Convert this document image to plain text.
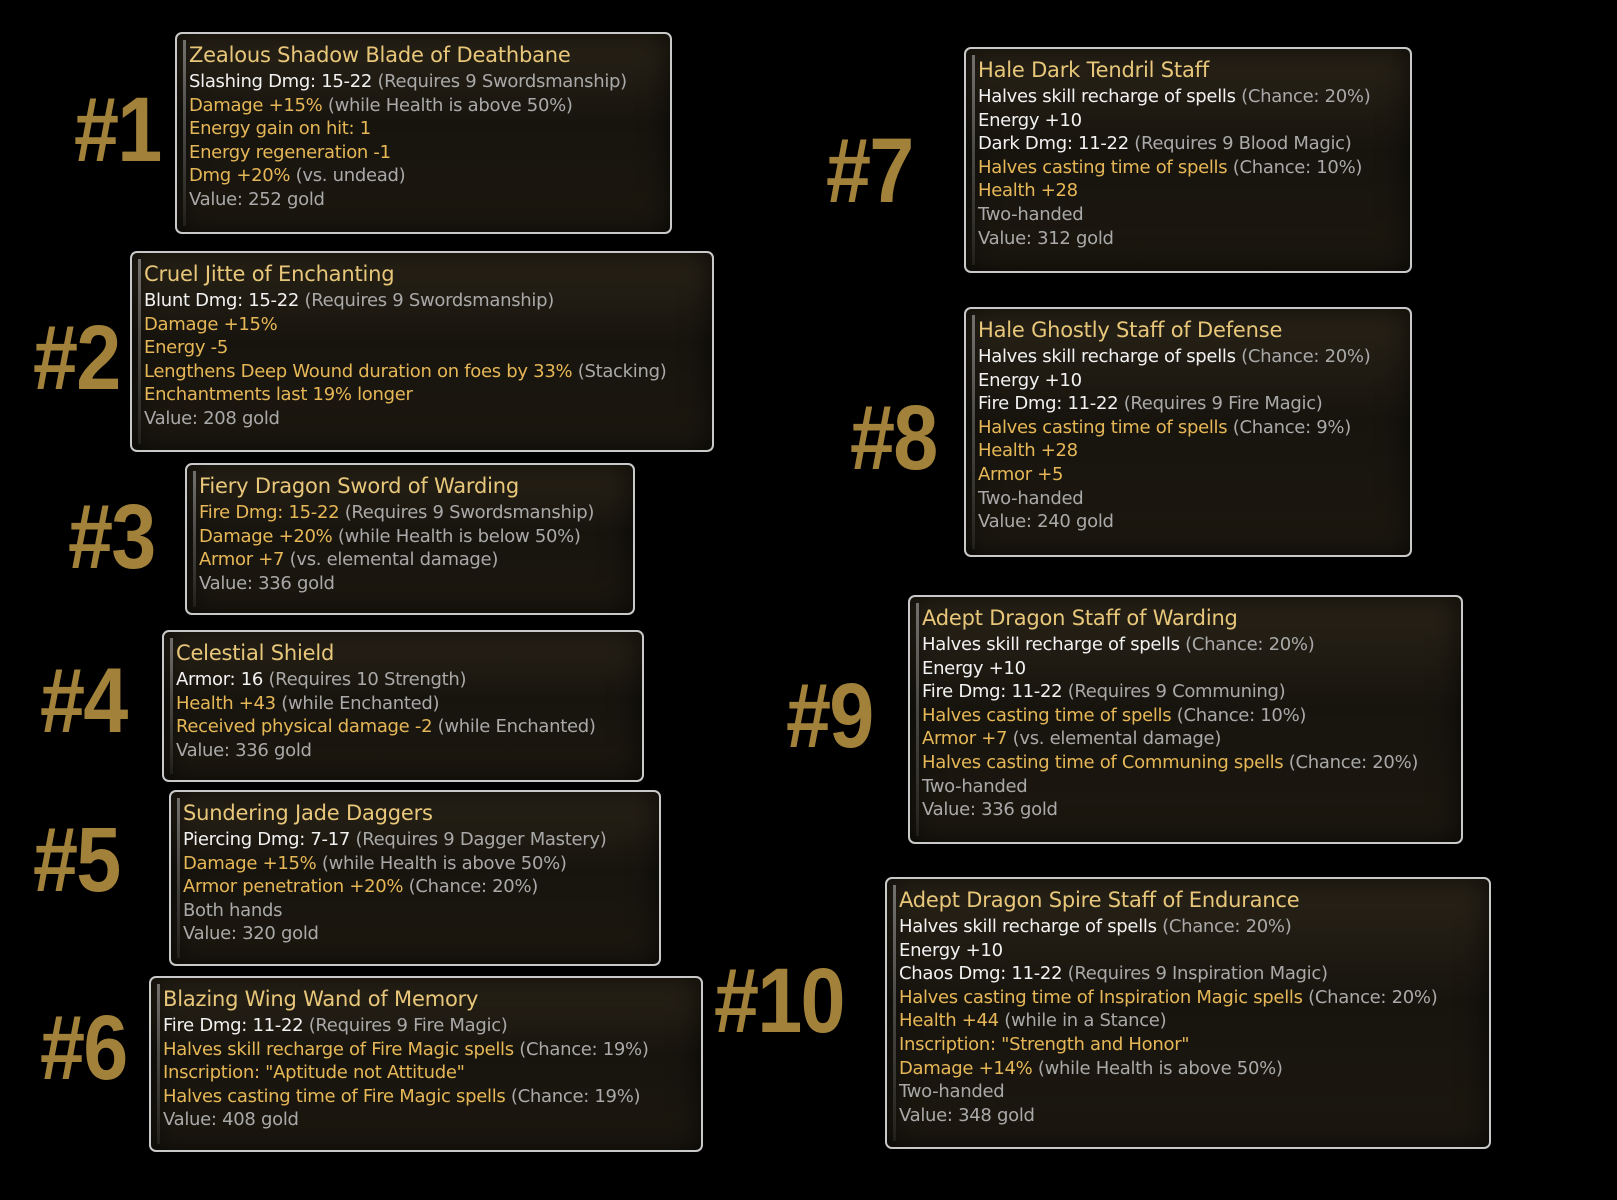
#1
#2
#3
#4
#5
#6
#7
#8
#9
#10
Zealous Shadow Blade of Deathbane
Slashing Dmg: 15-22 (Requires 9 Swordsmanship)
Damage +15% (while Health is above 50%)
Energy gain on hit: 1
Energy regeneration -1
Dmg +20% (vs. undead)
Value: 252 gold
Cruel Jitte of Enchanting
Blunt Dmg: 15-22 (Requires 9 Swordsmanship)
Damage +15%
Energy -5
Lengthens Deep Wound duration on foes by 33% (Stacking)
Enchantments last 19% longer
Value: 208 gold
Fiery Dragon Sword of Warding
Fire Dmg: 15-22 (Requires 9 Swordsmanship)
Damage +20% (while Health is below 50%)
Armor +7 (vs. elemental damage)
Value: 336 gold
Celestial Shield
Armor: 16 (Requires 10 Strength)
Health +43 (while Enchanted)
Received physical damage -2 (while Enchanted)
Value: 336 gold
Sundering Jade Daggers
Piercing Dmg: 7-17 (Requires 9 Dagger Mastery)
Damage +15% (while Health is above 50%)
Armor penetration +20% (Chance: 20%)
Both hands
Value: 320 gold
Blazing Wing Wand of Memory
Fire Dmg: 11-22 (Requires 9 Fire Magic)
Halves skill recharge of Fire Magic spells (Chance: 19%)
Inscription: "Aptitude not Attitude"
Halves casting time of Fire Magic spells (Chance: 19%)
Value: 408 gold
Hale Dark Tendril Staff
Halves skill recharge of spells (Chance: 20%)
Energy +10
Dark Dmg: 11-22 (Requires 9 Blood Magic)
Halves casting time of spells (Chance: 10%)
Health +28
Two-handed
Value: 312 gold
Hale Ghostly Staff of Defense
Halves skill recharge of spells (Chance: 20%)
Energy +10
Fire Dmg: 11-22 (Requires 9 Fire Magic)
Halves casting time of spells (Chance: 9%)
Health +28
Armor +5
Two-handed
Value: 240 gold
Adept Dragon Staff of Warding
Halves skill recharge of spells (Chance: 20%)
Energy +10
Fire Dmg: 11-22 (Requires 9 Communing)
Halves casting time of spells (Chance: 10%)
Armor +7 (vs. elemental damage)
Halves casting time of Communing spells (Chance: 20%)
Two-handed
Value: 336 gold
Adept Dragon Spire Staff of Endurance
Halves skill recharge of spells (Chance: 20%)
Energy +10
Chaos Dmg: 11-22 (Requires 9 Inspiration Magic)
Halves casting time of Inspiration Magic spells (Chance: 20%)
Health +44 (while in a Stance)
Inscription: "Strength and Honor"
Damage +14% (while Health is above 50%)
Two-handed
Value: 348 gold
